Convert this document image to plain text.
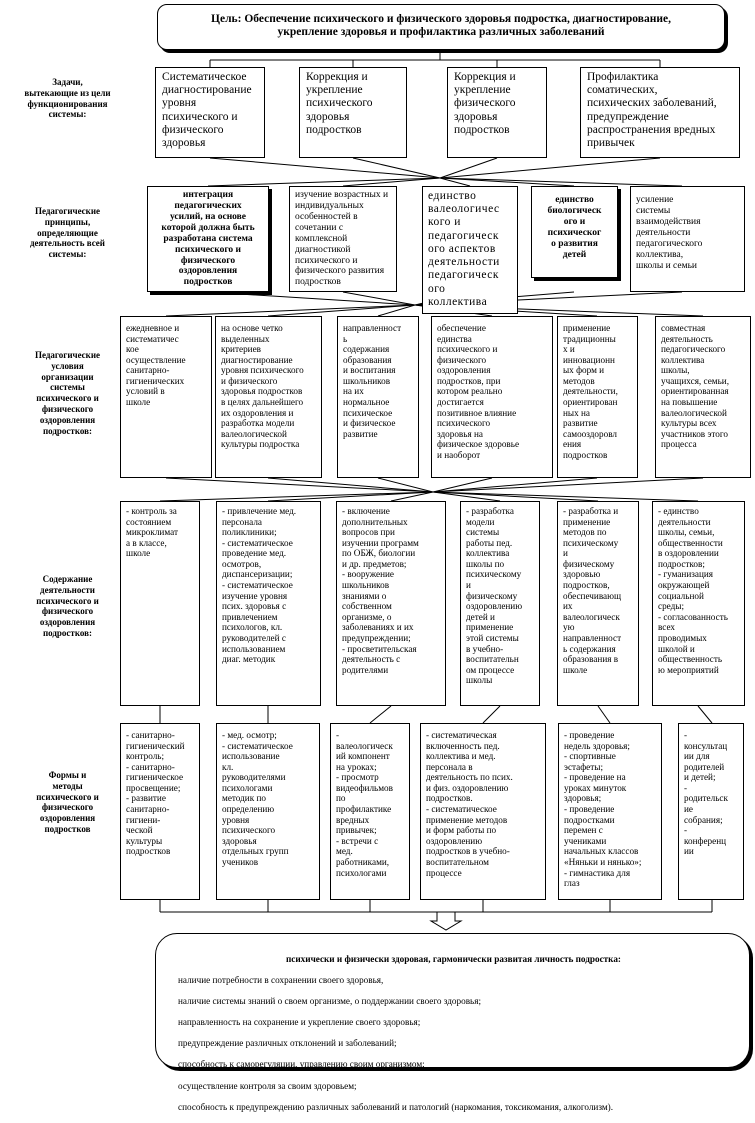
Цель: Обеспечение психического и физического здоровья подростка, диагностирование,
укрепление здоровья и профилактика различных заболеваний
Задачи,
вытекающие из цели
функционирования
системы:
Педагогические
принципы,
определяющие
деятельность всей
системы:
Педагогические
условия
организации
системы
психического и
физического
оздоровления
подростков:
Содержание
деятельности
психического и
физического
оздоровления
подростков:
Формы и
методы
психического и
физического
оздоровления
подростков
Систематическое
диагностирование
уровня
психического и
физического
здоровья
Коррекция и
укрепление
психического
здоровья
подростков
Коррекция и
укрепление
физического
здоровья
подростков
Профилактика
соматических,
психических заболеваний,
предупреждение
распространения вредных
привычек
интеграция
педагогических
усилий, на основе
которой должна быть
разработана система
психического и
физического
оздоровления
подростков
изучение возрастных и
индивидуальных
особенностей в
сочетании с
комплексной
диагностикой
психического и
физического развития
подростков
единство
валеологичес
кого и
педагогическ
ого аспектов
деятельности
педагогическ
ого
коллектива
единство
биологическ
ого и
психическог
о развития
детей
усиление
системы
взаимодействия
деятельности
педагогического
коллектива,
школы и семьи
ежедневное и
систематичес
кое
осуществление
санитарно-
гигиенических
условий в
школе
на основе четко
выделенных
критериев
диагностирование
уровня психического
и физического
здоровья подростков
в целях дальнейшего
их оздоровления и
разработка модели
валеологической
культуры подростка
направленност
ь
содержания
образования
и воспитания
школьников
на их
нормальное
психическое
и физическое
развитие
обеспечение
единства
психического и
физического
оздоровления
подростков, при
котором реально
достигается
позитивное влияние
психического
здоровья на
физическое здоровье
и наоборот
применение
традиционны
х и
инновационн
ых форм и
методов
деятельности,
ориентирован
ных на
развитие
самооздоровл
ения
подростков
совместная
деятельность
педагогического
коллектива
школы,
учащихся, семьи,
ориентированная
на повышение
валеологической
культуры всех
участников этого
процесса
- контроль за
состоянием
микроклимат
а в классе,
школе
- привлечение мед.
персонала
поликлиники;
- систематическое
проведение мед.
осмотров,
диспансеризации;
- систематическое
изучение уровня
псих. здоровья с
привлечением
психологов, кл.
руководителей с
использованием
диаг. методик
- включение
дополнительных
вопросов при
изучении программ
по ОБЖ, биологии
и др. предметов;
- вооружение
школьников
знаниями о
собственном
организме, о
заболеваниях и их
предупреждении;
- просветительская
деятельность с
родителями
- разработка
модели
системы
работы пед.
коллектива
школы по
психическому
и
физическому
оздоровлению
детей и
применение
этой системы
в учебно-
воспитательн
ом процессе
школы
- разработка и
применение
методов по
психическому
и
физическому
здоровью
подростков,
обеспечивающ
их
валеологическ
ую
направленност
ь содержания
образования в
школе
- единство
деятельности
школы, семьи,
общественности
в оздоровлении
подростков;
- гуманизация
окружающей
социальной
среды;
- согласованность
всех
проводимых
школой и
общественность
ю мероприятий
- санитарно-
гигиенический
контроль;
- санитарно-
гигиеническое
просвещение;
- развитие
санитарно-
гигиени-
ческой
культуры
подростков
- мед. осмотр;
- систематическое
использование
кл.
руководителями
психологами
методик по
определению
уровня
психического
здоровья
отдельных групп
учеников
-
валеологическ
ий компонент
на уроках;
- просмотр
видеофильмов
по
профилактике
вредных
привычек;
- встречи с
мед.
работниками,
психологами
- систематическая
включенность пед.
коллектива и мед.
персонала в
деятельность по псих.
и физ. оздоровлению
подростков.
- систематическое
применение методов
и форм работы по
оздоровлению
подростков в учебно-
воспитательном
процессе
- проведение
недель здоровья;
- спортивные
эстафеты;
- проведение на
уроках минуток
здоровья;
- проведение
подростками
перемен с
учениками
начальных классов
«Няньки и нянько»;
- гимнастика для
глаз
-
консультац
ии для
родителей
и детей;
-
родительск
ие
собрания;
-
конференц
ии

психически и физически здоровая, гармонически развитая личность подростка:

наличие потребности в сохранении своего здоровья,

наличие системы знаний о своем организме, о поддержании своего здоровья;

направленность на сохранение и укрепление своего здоровья;

предупреждение различных отклонений и заболеваний;

способность к саморегуляции, управлению своим организмом;

осуществление контроля за своим здоровьем;

способность к предупреждению различных заболеваний и патологий (наркомания, токсикомания, алкоголизм).
